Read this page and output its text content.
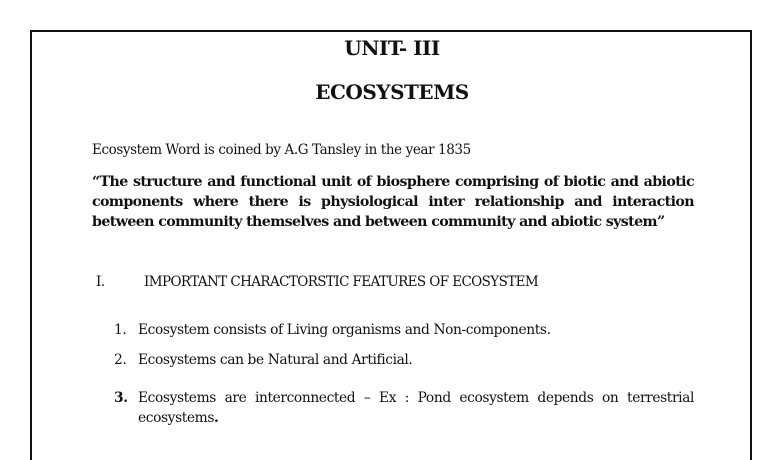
UNIT- III
ECOSYSTEMS
Ecosystem Word is coined by A.G Tansley in the year 1835
“The structure and functional unit of biosphere comprising of biotic and abiotic components where there is physiological inter relationship and interaction between community themselves and between community and abiotic system”
I.	IMPORTANT CHARACTORSTIC FEATURES OF ECOSYSTEM
1. Ecosystem consists of Living organisms and Non-components.
2. Ecosystems can be Natural and Artificial.
3. Ecosystems are interconnected – Ex : Pond ecosystem depends on terrestrial ecosystems.
